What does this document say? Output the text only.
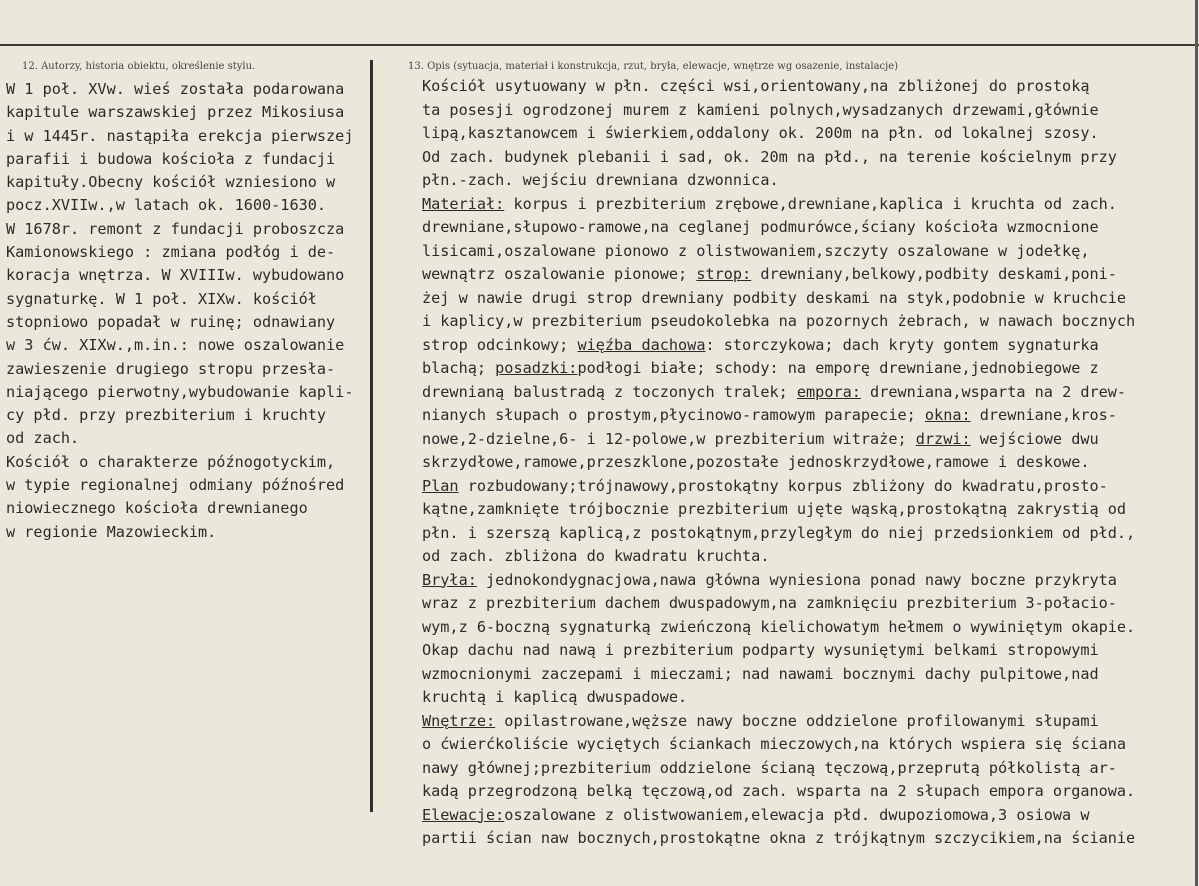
12. Autorzy, historia obiektu, określenie stylu.	13. Opis (sytuacja, materiał i konstrukcja, rzut, bryła, elewacje, wnętrze wg osazenie, instalacje)
W 1 poł. XVw. wieś została podarowana
kapitule warszawskiej przez Mikosiusa
i w 1445r. nastąpiła erekcja pierwszej
parafii i budowa kościoła z fundacji
kapituły.Obecny kościół wzniesiono w
pocz.XVIIw.,w latach ok. 1600-1630.
W 1678r. remont z fundacji proboszcza
Kamionowskiego : zmiana podłóg i de-
koracja wnętrza. W XVIIIw. wybudowano
sygnaturkę. W 1 poł. XIXw. kościół
stopniowo popadał w ruinę; odnawiany
w 3 ćw. XIXw.,m.in.: nowe oszalowanie
zawieszenie drugiego stropu przesła-
niającego pierwotny,wybudowanie kapli-
cy płd. przy prezbiterium i kruchty
od zach.
Kościół o charakterze późnogotyckim,
w typie regionalnej odmiany późnośred
niowiecznego kościoła drewnianego
w regionie Mazowieckim.
Kościół usytuowany w płn. części wsi,orientowany,na zbliżonej do prostoką
ta posesji ogrodzonej murem z kamieni polnych,wysadzanych drzewami,głównie
lipą,kasztanowcem i świerkiem,oddalony ok. 200m na płn. od lokalnej szosy.
Od zach. budynek plebanii i sad, ok. 20m na płd., na terenie kościelnym przy
płn.-zach. wejściu drewniana dzwonnica.
Materiał: korpus i prezbiterium zrębowe,drewniane,kaplica i kruchta od zach.
drewniane,słupowo-ramowe,na ceglanej podmurówce,ściany kościoła wzmocnione
lisicami,oszalowane pionowo z olistwowaniem,szczyty oszalowane w jodełkę,
wewnątrz oszalowanie pionowe; strop: drewniany,belkowy,podbity deskami,poni-
żej w nawie drugi strop drewniany podbity deskami na styk,podobnie w kruchcie
i kaplicy,w prezbiterium pseudokolebka na pozornych żebrach, w nawach bocznych
strop odcinkowy; więźba dachowa: storczykowa; dach kryty gontem sygnaturka
blachą; posadzki:podłogi białe; schody: na emporę drewniane,jednobiegowe z
drewnianą balustradą z toczonych tralek; empora: drewniana,wsparta na 2 drew-
nianych słupach o prostym,płycinowo-ramowym parapecie; okna: drewniane,kros-
nowe,2-dzielne,6- i 12-polowe,w prezbiterium witraże; drzwi: wejściowe dwu
skrzydłowe,ramowe,przeszklone,pozostałe jednoskrzydłowe,ramowe i deskowe.
Plan rozbudowany;trójnawowy,prostokątny korpus zbliżony do kwadratu,prosto-
kątne,zamknięte trójbocznie prezbiterium ujęte wąską,prostokątną zakrystią od
płn. i szerszą kaplicą,z postokątnym,przyległym do niej przedsionkiem od płd.,
od zach. zbliżona do kwadratu kruchta.
Bryła: jednokondygnacjowa,nawa główna wyniesiona ponad nawy boczne przykryta
wraz z prezbiterium dachem dwuspadowym,na zamknięciu prezbiterium 3-połacio-
wym,z 6-boczną sygnaturką zwieńczoną kielichowatym hełmem o wywiniętym okapie.
Okap dachu nad nawą i prezbiterium podparty wysuniętymi belkami stropowymi
wzmocnionymi zaczepami i mieczami; nad nawami bocznymi dachy pulpitowe,nad
kruchtą i kaplicą dwuspadowe.
Wnętrze: opilastrowane,węższe nawy boczne oddzielone profilowanymi słupami
o ćwierćkoliście wyciętych ściankach mieczowych,na których wspiera się ściana
nawy głównej;prezbiterium oddzielone ścianą tęczową,przeprutą półkolistą ar-
kadą przegrodzoną belką tęczową,od zach. wsparta na 2 słupach empora organowa.
Elewacje:oszalowane z olistwowaniem,elewacja płd. dwupoziomowa,3 osiowa w
partii ścian naw bocznych,prostokątne okna z trójkątnym szczycikiem,na ścianie
